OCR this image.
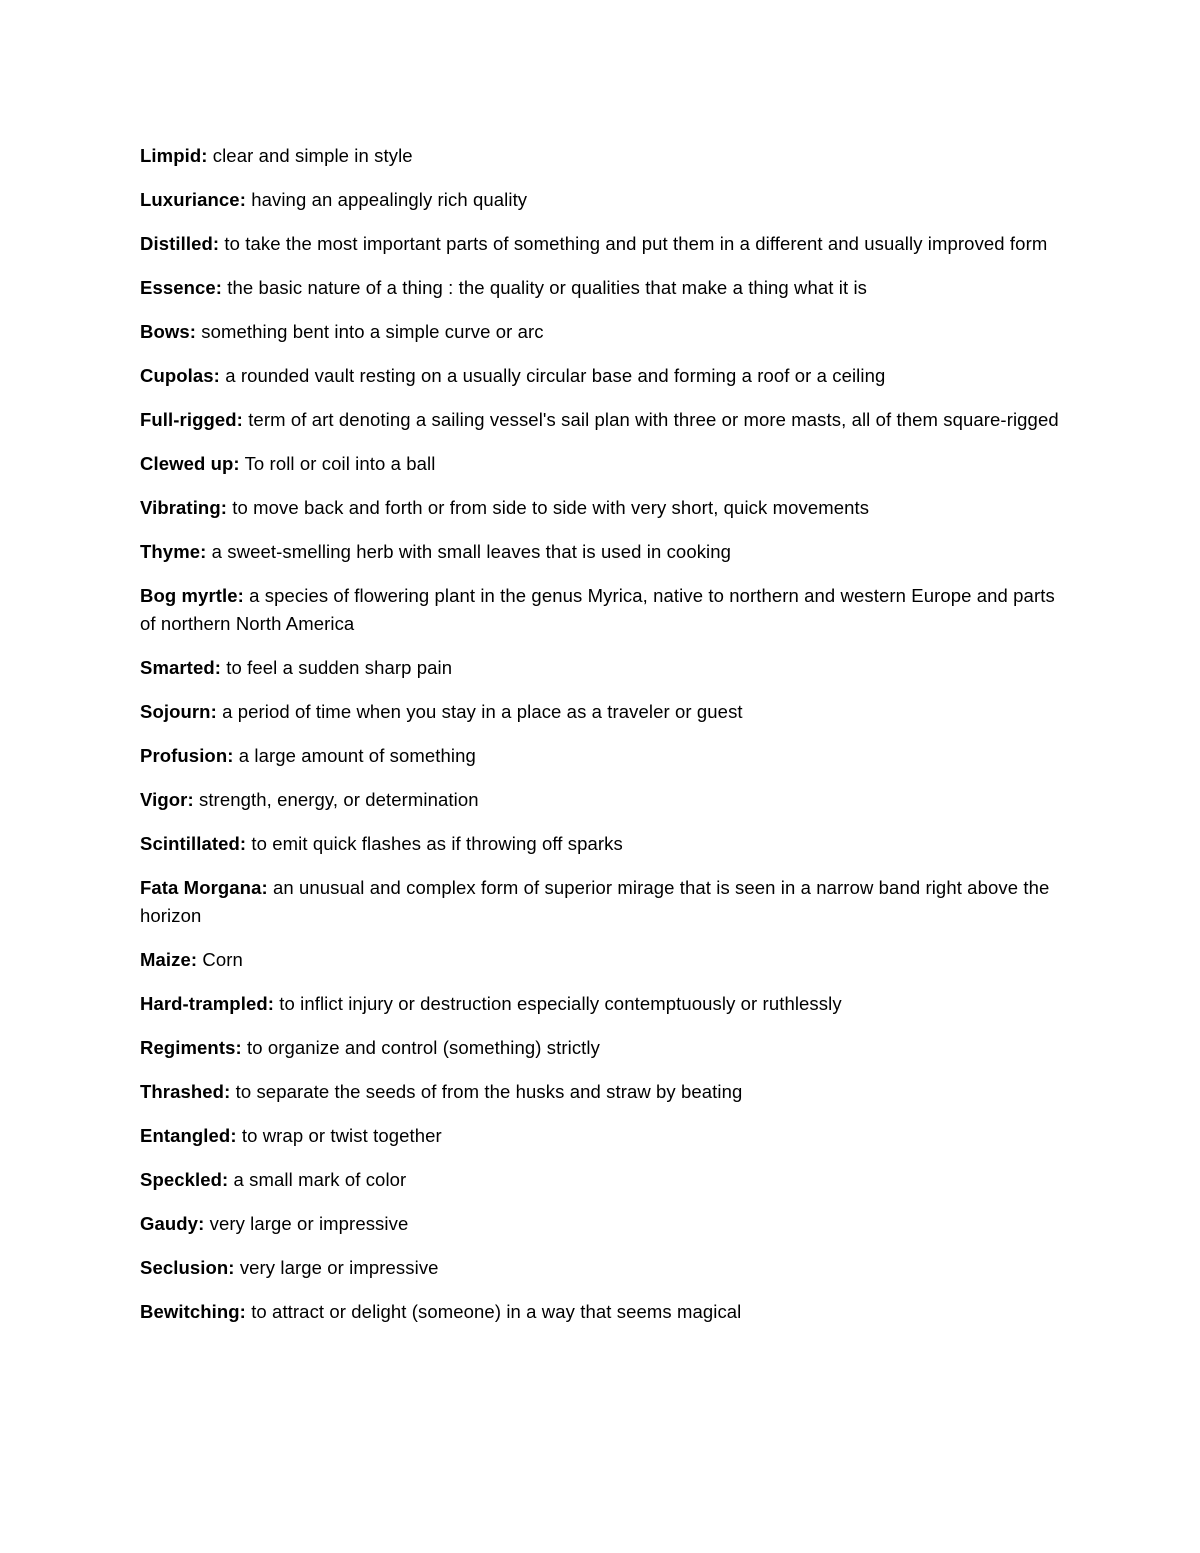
Limpid: clear and simple in style

Luxuriance: having an appealingly rich quality

Distilled: to take the most important parts of something and put them in a different and usually improved form

Essence: the basic nature of a thing : the quality or qualities that make a thing what it is

Bows: something bent into a simple curve or arc

Cupolas: a rounded vault resting on a usually circular base and forming a roof or a ceiling

Full-rigged: term of art denoting a sailing vessel's sail plan with three or more masts, all of them square-rigged

Clewed up: To roll or coil into a ball

Vibrating: to move back and forth or from side to side with very short, quick movements

Thyme: a sweet-smelling herb with small leaves that is used in cooking

Bog myrtle: a species of flowering plant in the genus Myrica, native to northern and western Europe and parts of northern North America

Smarted: to feel a sudden sharp pain

Sojourn: a period of time when you stay in a place as a traveler or guest

Profusion: a large amount of something

Vigor: strength, energy, or determination

Scintillated: to emit quick flashes as if throwing off sparks

Fata Morgana: an unusual and complex form of superior mirage that is seen in a narrow band right above the horizon

Maize: Corn

Hard-trampled: to inflict injury or destruction especially contemptuously or ruthlessly

Regiments: to organize and control (something) strictly

Thrashed: to separate the seeds of from the husks and straw by beating

Entangled: to wrap or twist together

Speckled: a small mark of color

Gaudy: very large or impressive

Seclusion: very large or impressive

Bewitching: to attract or delight (someone) in a way that seems magical
